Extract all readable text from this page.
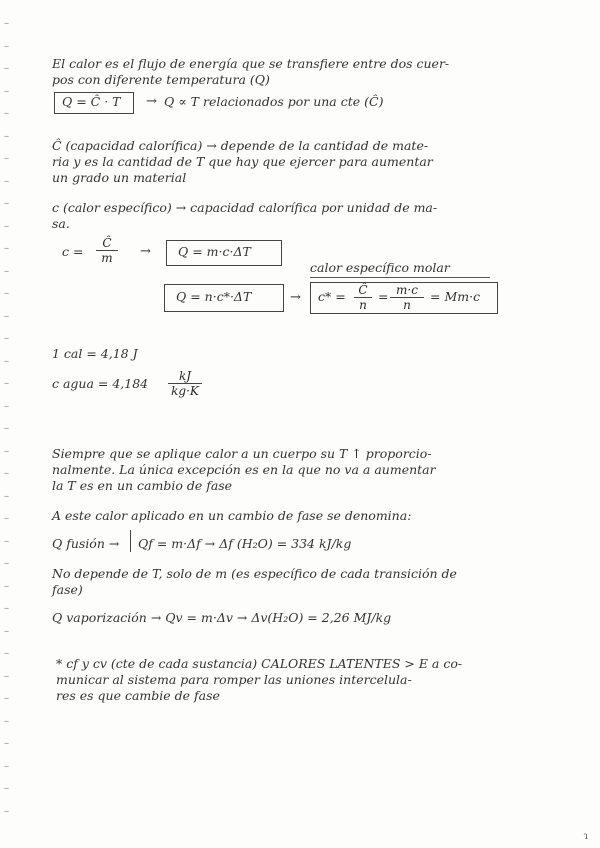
–
–
–
–
–
–
–
–
–
–
–
–
–
–
–
–
–
–
–
–
–
–
–
–
–
–
–
–
–
–
–
–
–
–
–
–
El calor es el flujo de energía que se transfiere entre dos cuer-
pos con diferente temperatura (Q)
Q = Ĉ · T → Q ∝ T relacionados por una cte (Ĉ)
Ĉ (capacidad calorífica) → depende de la cantidad de mate-
ria y es la cantidad de T que hay que ejercer para aumentar
un grado un material
c (calor específico) → capacidad calorífica por unidad de ma-
sa.
c =
Ĉ
m → Q = m·c·ΔT
calor específico molar
Q = n·c*·ΔT	→ c* = Ĉ
n
= m·c
n
= Mm·c
1 cal = 4,18 J
c agua = 4,184	kJ
kg·K
Siempre que se aplique calor a un cuerpo su T ↑ proporcio-
nalmente. La única excepción es en la que no va a aumentar
la T es en un cambio de fase
A este calor aplicado en un cambio de fase se denomina:
Q fusión → Qf = m·Δf → Δf (H₂O) = 334 kJ/kg
No depende de T, solo de m (es específico de cada transición de
fase)
Q vaporización → Qv = m·Δv → Δv(H₂O) = 2,26 MJ/kg
* cf y cv (cte de cada sustancia) CALORES LATENTES > E a co-
municar al sistema para romper las uniones intercelula-
res es que cambie de fase
ɿ
